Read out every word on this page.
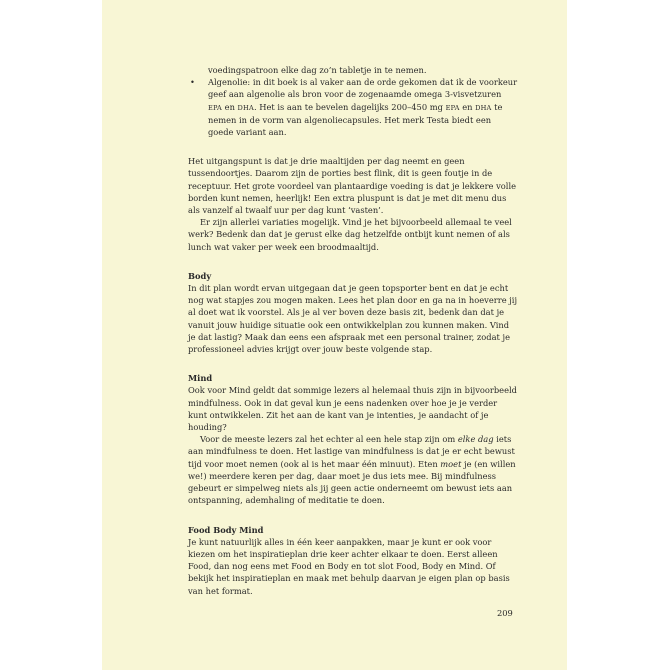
voedingspatroon elke dag zo’n tabletje in te nemen.
• Algenolie: in dit boek is al vaker aan de orde gekomen dat ik de voorkeur geef aan algenolie als bron voor de zogenaamde omega 3-visvetzuren EPA en DHA. Het is aan te bevelen dagelijks 200–450 mg EPA en DHA te nemen in de vorm van algenoliecapsules. Het merk Testa biedt een goede variant aan.

Het uitgangspunt is dat je drie maaltijden per dag neemt en geen tussendoortjes. Daarom zijn de porties best flink, dit is geen foutje in de receptuur. Het grote voordeel van plantaardige voeding is dat je lekkere volle borden kunt nemen, heerlijk! Een extra pluspunt is dat je met dit menu dus als vanzelf al twaalf uur per dag kunt ‘vasten’.

Er zijn allerlei variaties mogelijk. Vind je het bijvoorbeeld allemaal te veel werk? Bedenk dan dat je gerust elke dag hetzelfde ontbijt kunt nemen of als lunch wat vaker per week een broodmaaltijd.

Body

In dit plan wordt ervan uitgegaan dat je geen topsporter bent en dat je echt nog wat stapjes zou mogen maken. Lees het plan door en ga na in hoeverre jij al doet wat ik voorstel. Als je al ver boven deze basis zit, bedenk dan dat je vanuit jouw huidige situatie ook een ontwikkelplan zou kunnen maken. Vind je dat lastig? Maak dan eens een afspraak met een personal trainer, zodat je professioneel advies krijgt over jouw beste volgende stap.

Mind

Ook voor Mind geldt dat sommige lezers al helemaal thuis zijn in bijvoorbeeld mindfulness. Ook in dat geval kun je eens nadenken over hoe je je verder kunt ontwikkelen. Zit het aan de kant van je intenties, je aandacht of je houding?

Voor de meeste lezers zal het echter al een hele stap zijn om elke dag iets aan mindfulness te doen. Het lastige van mindfulness is dat je er echt bewust tijd voor moet nemen (ook al is het maar één minuut). Eten moet je (en willen we!) meerdere keren per dag, daar moet je dus iets mee. Bij mindfulness gebeurt er simpelweg niets als jij geen actie onderneemt om bewust iets aan ontspanning, ademhaling of meditatie te doen.

Food Body Mind

Je kunt natuurlijk alles in één keer aanpakken, maar je kunt er ook voor kiezen om het inspiratieplan drie keer achter elkaar te doen. Eerst alleen Food, dan nog eens met Food en Body en tot slot Food, Body en Mind. Of bekijk het inspiratieplan en maak met behulp daarvan je eigen plan op basis van het format.

209
